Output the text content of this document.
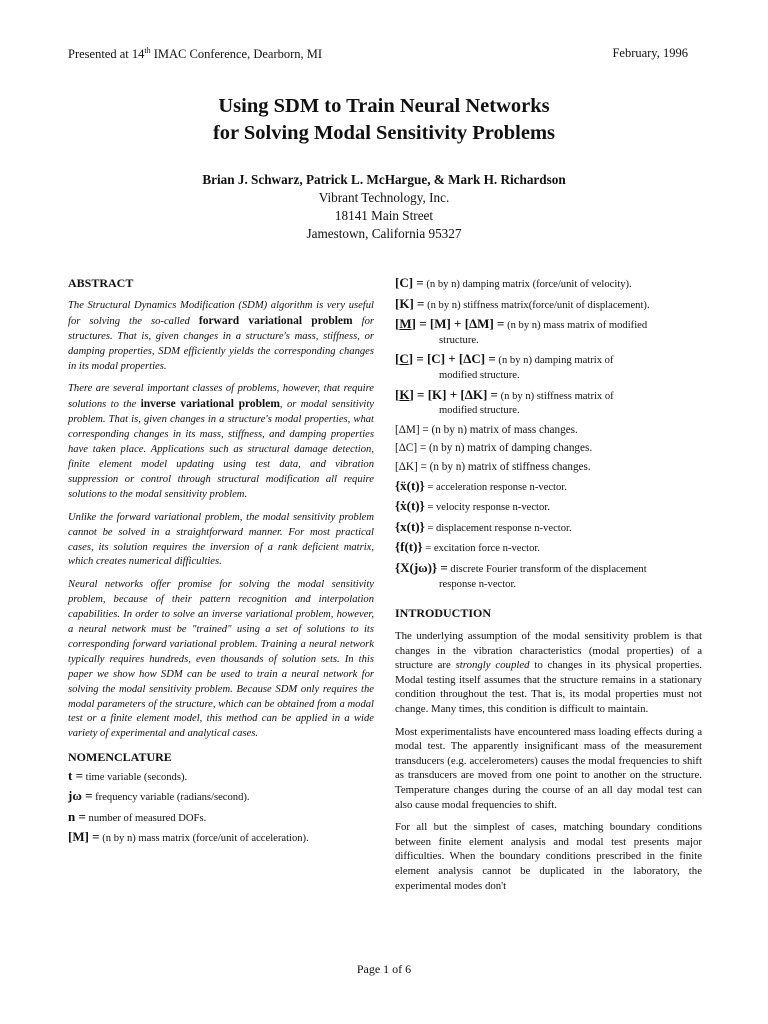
Presented at 14th IMAC Conference, Dearborn, MI	February, 1996
Using SDM to Train Neural Networks
for Solving Modal Sensitivity Problems
Brian J. Schwarz, Patrick L. McHargue, & Mark H. Richardson
Vibrant Technology, Inc.
18141 Main Street
Jamestown, California 95327
ABSTRACT

The Structural Dynamics Modification (SDM) algorithm is very useful for solving the so-called forward variational problem for structures. That is, given changes in a structure's mass, stiffness, or damping properties, SDM efficiently yields the corresponding changes in its modal properties.

There are several important classes of problems, however, that require solutions to the inverse variational problem, or modal sensitivity problem. That is, given changes in a structure's modal properties, what corresponding changes in its mass, stiffness, and damping properties have taken place. Applications such as structural damage detection, finite element model updating using test data, and vibration suppression or control through structural modification all require solutions to the modal sensitivity problem.

Unlike the forward variational problem, the modal sensitivity problem cannot be solved in a straightforward manner. For most practical cases, its solution requires the inversion of a rank deficient matrix, which creates numerical difficulties.

Neural networks offer promise for solving the modal sensitivity problem, because of their pattern recognition and interpolation capabilities. In order to solve an inverse variational problem, however, a neural network must be "trained" using a set of solutions to its corresponding forward variational problem. Training a neural network typically requires hundreds, even thousands of solution sets. In this paper we show how SDM can be used to train a neural network for solving the modal sensitivity problem. Because SDM only requires the modal parameters of the structure, which can be obtained from a modal test or a finite element model, this method can be applied in a wide variety of experimental and analytical cases.

NOMENCLATURE
t = time variable (seconds).
jω = frequency variable (radians/second).
n = number of measured DOFs.
[M] = (n by n) mass matrix (force/unit of acceleration).
[C] = (n by n) damping matrix (force/unit of velocity).
[K] = (n by n) stiffness matrix(force/unit of displacement).
[M] = [M] + [ΔM] = (n by n) mass matrix of modified
structure.
[C] = [C] + [ΔC] = (n by n) damping matrix of
modified structure.
[K] = [K] + [ΔK] = (n by n) stiffness matrix of
modified structure.
[ΔM] = (n by n) matrix of mass changes.
[ΔC] = (n by n) matrix of damping changes.
[ΔK] = (n by n) matrix of stiffness changes.
{ẍ(t)} = acceleration response n-vector.
{ẋ(t)} = velocity response n-vector.
{x(t)} = displacement response n-vector.
{f(t)} = excitation force n-vector.
{X(jω)} = discrete Fourier transform of the displacement
response n-vector.
INTRODUCTION

The underlying assumption of the modal sensitivity problem is that changes in the vibration characteristics (modal properties) of a structure are strongly coupled to changes in its physical properties. Modal testing itself assumes that the structure remains in a stationary condition throughout the test. That is, its modal properties must not change. Many times, this condition is difficult to maintain.

Most experimentalists have encountered mass loading effects during a modal test. The apparently insignificant mass of the measurement transducers (e.g. accelerometers) causes the modal frequencies to shift as transducers are moved from one point to another on the structure. Temperature changes during the course of an all day modal test can also cause modal frequencies to shift.

For all but the simplest of cases, matching boundary conditions between finite element analysis and modal test presents major difficulties. When the boundary conditions prescribed in the finite element analysis cannot be duplicated in the laboratory, the experimental modes don't

Page 1 of 6
